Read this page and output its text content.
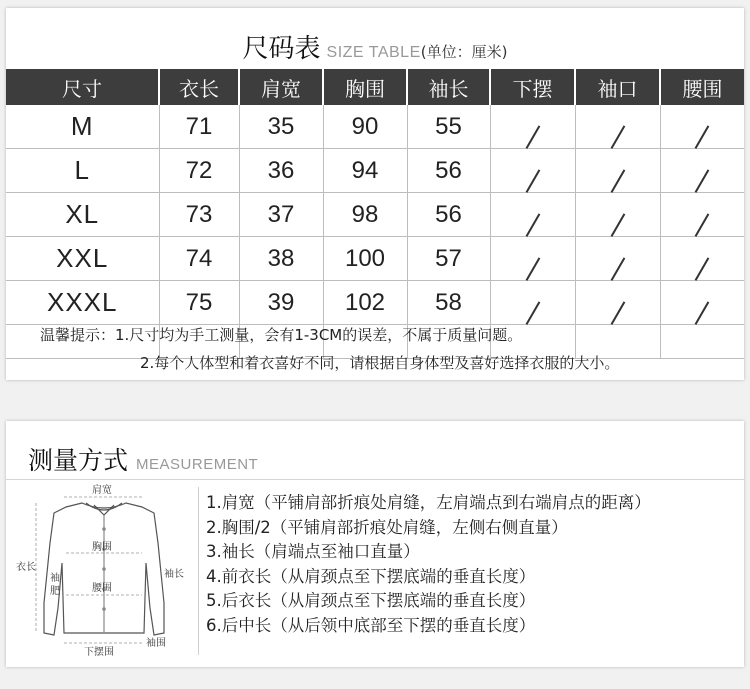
尺码表 SIZE TABLE(单位：厘米)
尺寸	衣长	肩宽	胸围	袖长	下摆	袖口	腰围
M	71	35	90	55			
L	72	36	94	56			
XL	73	37	98	56			
XXL	74	38	100	57			
XXXL	75	39	102	58			

温馨提示：1.尺寸均为手工测量，会有1-3CM的误差，不属于质量问题。
2.每个人体型和着衣喜好不同，请根据自身体型及喜好选择衣服的大小。
测量方式 MEASUREMENT
肩宽
衣长
胸围
袖长
袖
肥	腰围
下摆围
袖围
1.肩宽（平铺肩部折痕处肩缝，左肩端点到右端肩点的距离）
2.胸围/2（平铺肩部折痕处肩缝，左侧右侧直量）
3.袖长（肩端点至袖口直量）
4.前衣长（从肩颈点至下摆底端的垂直长度）
5.后衣长（从肩颈点至下摆底端的垂直长度）
6.后中长（从后领中底部至下摆的垂直长度）
